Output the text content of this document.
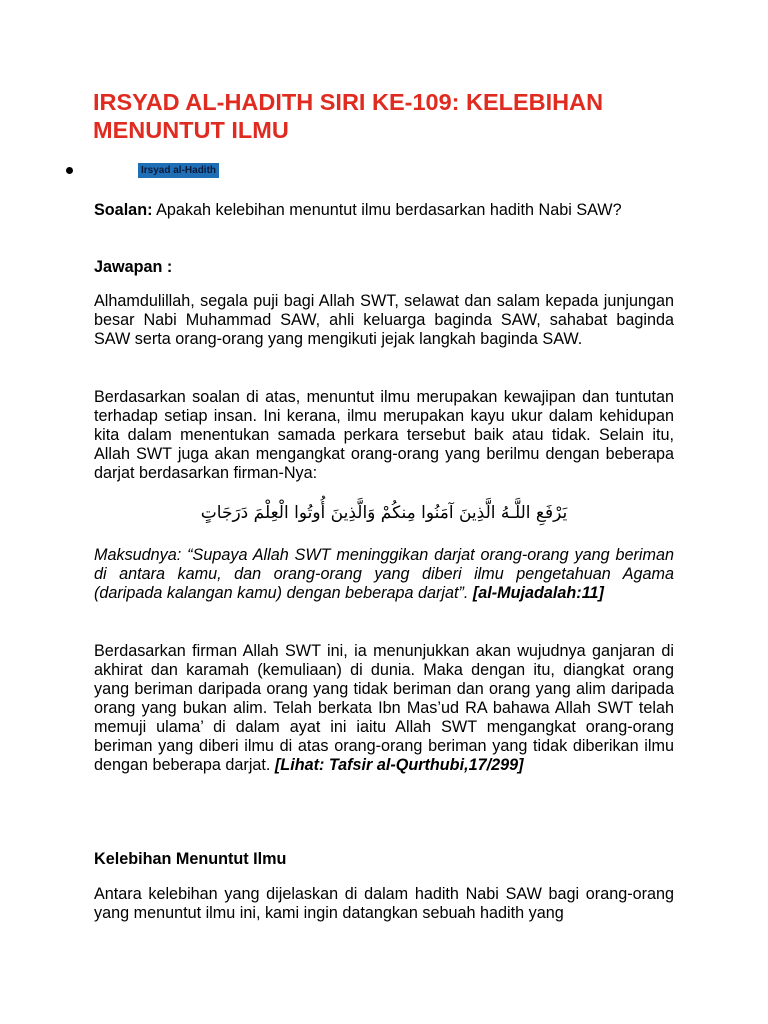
IRSYAD AL-HADITH SIRI KE-109: KELEBIHAN MENUNTUT ILMU
Irsyad al-Hadith

Soalan: Apakah kelebihan menuntut ilmu berdasarkan hadith Nabi SAW?

Jawapan :

Alhamdulillah, segala puji bagi Allah SWT, selawat dan salam kepada junjungan besar Nabi Muhammad SAW, ahli keluarga baginda SAW, sahabat baginda SAW serta orang-orang yang mengikuti jejak langkah baginda SAW.

Berdasarkan soalan di atas, menuntut ilmu merupakan kewajipan dan tuntutan terhadap setiap insan. Ini kerana, ilmu merupakan kayu ukur dalam kehidupan kita dalam menentukan samada perkara tersebut baik atau tidak. Selain itu, Allah SWT juga akan mengangkat orang-orang yang berilmu dengan beberapa darjat berdasarkan firman-Nya:

يَرْفَعِ اللَّـهُ الَّذِينَ آمَنُوا مِنكُمْ وَالَّذِينَ أُوتُوا الْعِلْمَ دَرَجَاتٍ

Maksudnya: “Supaya Allah SWT meninggikan darjat orang-orang yang beriman di antara kamu, dan orang-orang yang diberi ilmu pengetahuan Agama (daripada kalangan kamu) dengan beberapa darjat”. [al-Mujadalah:11]

Berdasarkan firman Allah SWT ini, ia menunjukkan akan wujudnya ganjaran di akhirat dan karamah (kemuliaan) di dunia. Maka dengan itu, diangkat orang yang beriman daripada orang yang tidak beriman dan orang yang alim daripada orang yang bukan alim. Telah berkata Ibn Mas’ud RA bahawa Allah SWT telah memuji ulama’ di dalam ayat ini iaitu Allah SWT mengangkat orang-orang beriman yang diberi ilmu di atas orang-orang beriman yang tidak diberikan ilmu dengan beberapa darjat. [Lihat: Tafsir al-Qurthubi,17/299]

Kelebihan Menuntut Ilmu

Antara kelebihan yang dijelaskan di dalam hadith Nabi SAW bagi orang-orang yang menuntut ilmu ini, kami ingin datangkan sebuah hadith yang
